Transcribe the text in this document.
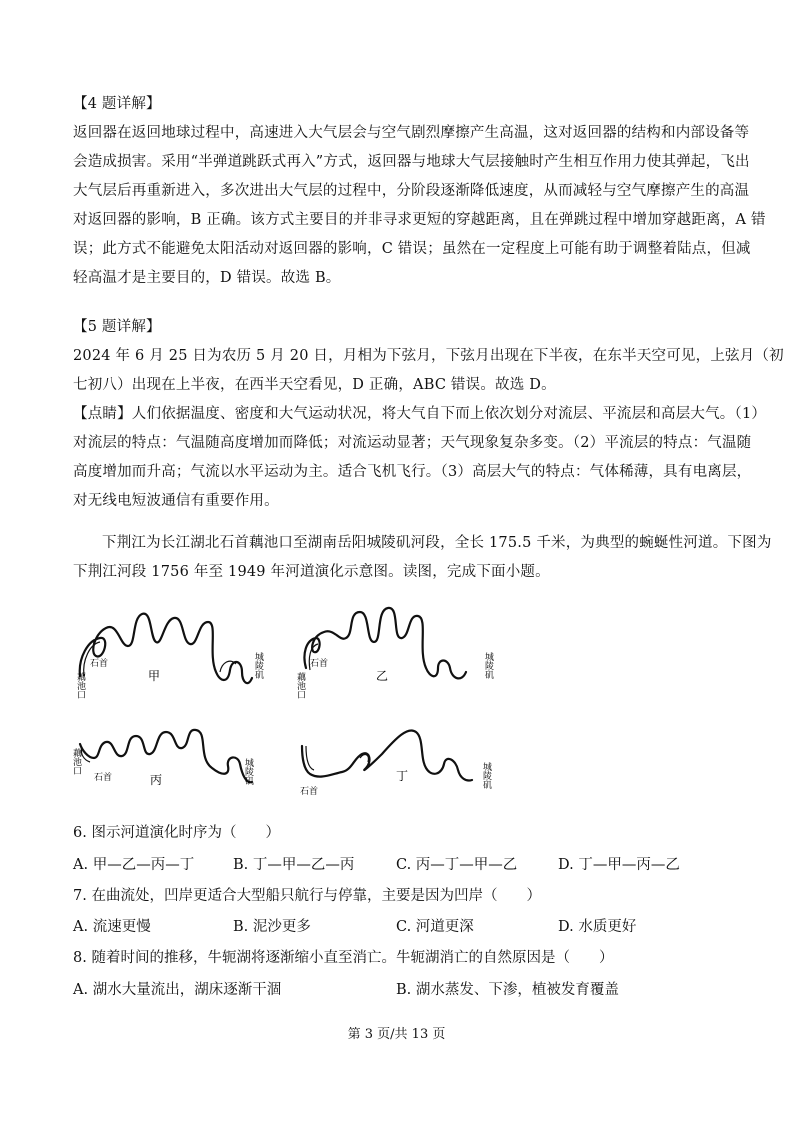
【4 题详解】
返回器在返回地球过程中，高速进入大气层会与空气剧烈摩擦产生高温，这对返回器的结构和内部设备等
会造成损害。采用“半弹道跳跃式再入”方式，返回器与地球大气层接触时产生相互作用力使其弹起，飞出
大气层后再重新进入，多次进出大气层的过程中，分阶段逐渐降低速度，从而减轻与空气摩擦产生的高温
对返回器的影响，B 正确。该方式主要目的并非寻求更短的穿越距离，且在弹跳过程中增加穿越距离，A 错
误；此方式不能避免太阳活动对返回器的影响，C 错误；虽然在一定程度上可能有助于调整着陆点，但减
轻高温才是主要目的，D 错误。故选 B。
【5 题详解】
2024 年 6 月 25 日为农历 5 月 20 日，月相为下弦月，下弦月出现在下半夜，在东半天空可见，上弦月（初
七初八）出现在上半夜，在西半天空看见，D 正确，ABC 错误。故选 D。
【点睛】人们依据温度、密度和大气运动状况，将大气自下而上依次划分对流层、平流层和高层大气。（1）
对流层的特点：气温随高度增加而降低；对流运动显著；天气现象复杂多变。（2）平流层的特点：气温随
高度增加而升高；气流以水平运动为主。适合飞机飞行。（3）高层大气的特点：气体稀薄，具有电离层，
对无线电短波通信有重要作用。
下荆江为长江湖北石首藕池口至湖南岳阳城陵矶河段，全长 175.5 千米，为典型的蜿蜒性河道。下图为
下荆江河段 1756 年至 1949 年河道演化示意图。读图，完成下面小题。
甲
石首
藕池口
城陵矶	乙
石首
藕池口
城陵矶
丙
石首
藕池口	城陵矶	丁
石首
城陵矶
6. 图示河道演化时序为（　　）
A. 甲—乙—丙—丁	B. 丁—甲—乙—丙	C. 丙—丁—甲—乙	D. 丁—甲—丙—乙
7. 在曲流处，凹岸更适合大型船只航行与停靠，主要是因为凹岸（　　）
A. 流速更慢	B. 泥沙更多	C. 河道更深	D. 水质更好
8. 随着时间的推移，牛轭湖将逐渐缩小直至消亡。牛轭湖消亡的自然原因是（　　）
A. 湖水大量流出，湖床逐渐干涸	B. 湖水蒸发、下渗，植被发育覆盖
第 3 页/共 13 页
